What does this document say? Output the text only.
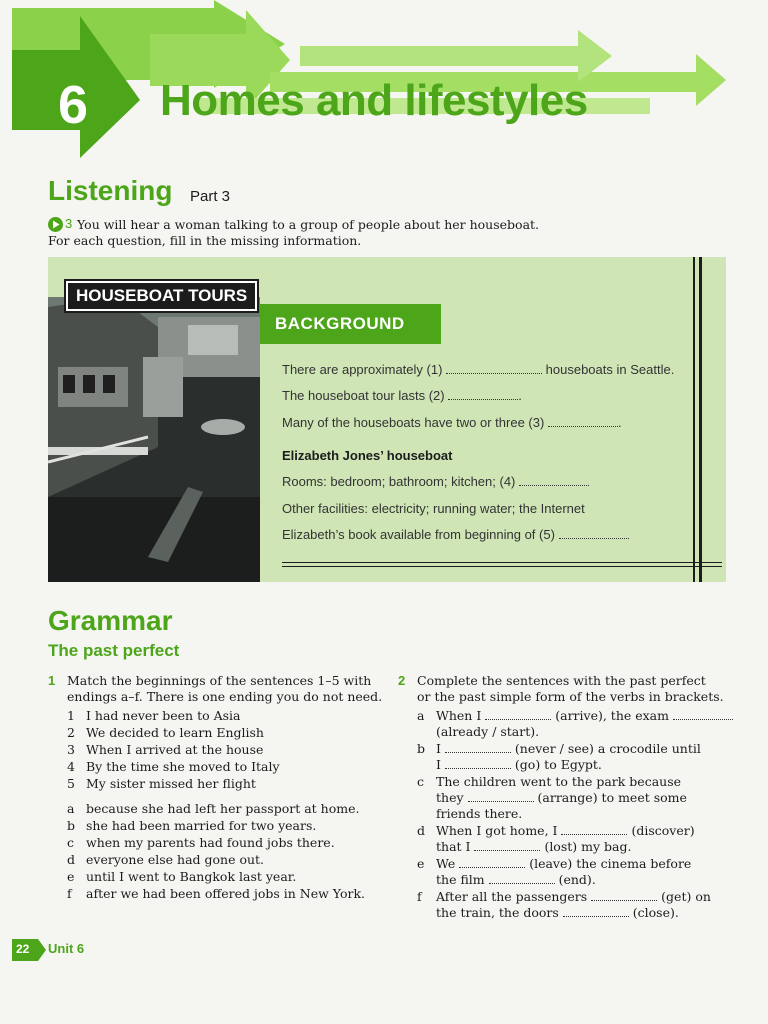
6 Homes and lifestyles
Listening Part 3
3 You will hear a woman talking to a group of people about her houseboat.
For each question, fill in the missing information.
HOUSEBOAT TOURS
BACKGROUND
There are approximately (1)	houseboats in Seattle.
The houseboat tour lasts (2)	.
Many of the houseboats have two or three (3)	.
Elizabeth Jones’ houseboat
Rooms: bedroom; bathroom; kitchen; (4)
Other facilities: electricity; running water; the Internet
Elizabeth’s book available from beginning of (5)
Grammar
The past perfect
1 Match the beginnings of the sentences 1–5 with
endings a–f. There is one ending you do not need.
1 I had never been to Asia
2 We decided to learn English
3 When I arrived at the house
4 By the time she moved to Italy
5 My sister missed her flight
a because she had left her passport at home.
b she had been married for two years.
c when my parents had found jobs there.
d everyone else had gone out.
e until I went to Bangkok last year.
f after we had been offered jobs in New York.
2 Complete the sentences with the past perfect
or the past simple form of the verbs in brackets.
a When I	(arrive), the exam
(already / start).
b I	(never / see) a crocodile until
I	(go) to Egypt.
c The children went to the park because
they	(arrange) to meet some
friends there.
d When I got home, I	(discover)
that I	(lost) my bag.
e We	(leave) the cinema before
the film	(end).
f After all the passengers	(get) on
the train, the doors	(close).
22 Unit 6
